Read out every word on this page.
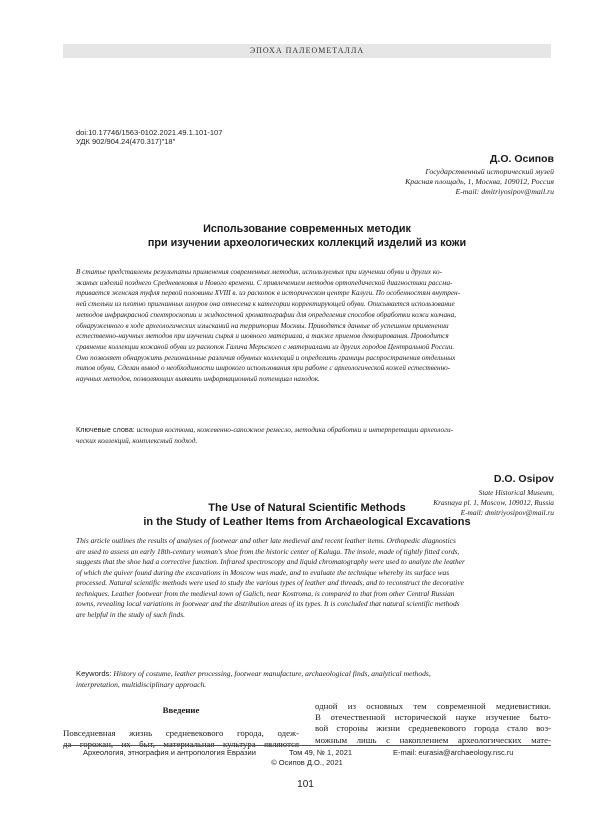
ЭПОХА ПАЛЕОМЕТАЛЛА
doi:10.17746/1563-0102.2021.49.1.101-107
УДК 902/904.24(470.317)"18"
Д.О. Осипов
Государственный исторический музей
Красная площадь, 1, Москва, 109012, Россия
E-mail: dmitriyosipov@mail.ru
Использование современных методик
при изучении археологических коллекций изделий из кожи
В статье представлены результаты применения современных методик, используемых при изучении обуви и других ко-
жаных изделий позднего Средневековья и Нового времени. С привлечением методов ортопедической диагностики рассма-
тривается женская туфля первой половины XVIII в. из раскопок в историческом центре Калуги. По особенностям внутрен-
ней стельки из плотно пригнанных шнуров она отнесена к категории корректирующей обуви. Описывается использование
методов инфракрасной спектроскопии и жидкостной хроматографии для определения способов обработки кожи колчана,
обнаруженного в ходе археологических изысканий на территории Москвы. Приводятся данные об успешном применении
естественно-научных методов при изучении сырья и шовного материала, а также приемов декорирования. Проводится
сравнение коллекции кожаной обуви из раскопок Галича Мерьского с материалами из других городов Центральной России.
Оно позволяет обнаружить региональные различия обувных коллекций и определить границы распространения отдельных
типов обуви. Сделан вывод о необходимости широкого использования при работе с археологической кожей естественно-
научных методов, позволяющих выявить информационный потенциал находок.
Ключевые слова: история костюма, кожевенно-сапожное ремесло, методика обработки и интерпретации археологи-
ческих коллекций, комплексный подход.
D.O. Osipov
State Historical Museum,
Krasnaya pl. 1, Moscow, 109012, Russia
E-mail: dmitriyosipov@mail.ru
The Use of Natural Scientific Methods
in the Study of Leather Items from Archaeological Excavations
This article outlines the results of analyses of footwear and other late medieval and recent leather items. Orthopedic diagnostics
are used to assess an early 18th-century woman's shoe from the historic center of Kaluga. The insole, made of tightly fitted cords,
suggests that the shoe had a corrective function. Infrared spectroscopy and liquid chromatography were used to analyze the leather
of which the quiver found during the excavations in Moscow was made, and to evaluate the technique whereby its surface was
processed. Natural scientific methods were used to study the various types of leather and threads, and to reconstruct the decorative
techniques. Leather footwear from the medieval town of Galich, near Kostroma, is compared to that from other Central Russian
towns, revealing local variations in footwear and the distribution areas of its types. It is concluded that natural scientific methods
are helpful in the study of such finds.
Keywords: History of costume, leather processing, footwear manufacture, archaeological finds, analytical methods,
interpretation, multidisciplinary approach.
Введение
Повседневная жизнь средневекового города, одеж-
одной из основных тем современной медиевистики.
В отечественной исторической науке изучение быто-
вой стороны жизни средневекового города стало воз-
можным лишь с накоплением археологических мате-
Археология, этнография и антропология Евразии	Том 49, № 1, 2021	E-mail: eurasia@archaeology.nsc.ru
© Осипов Д.О., 2021
101
